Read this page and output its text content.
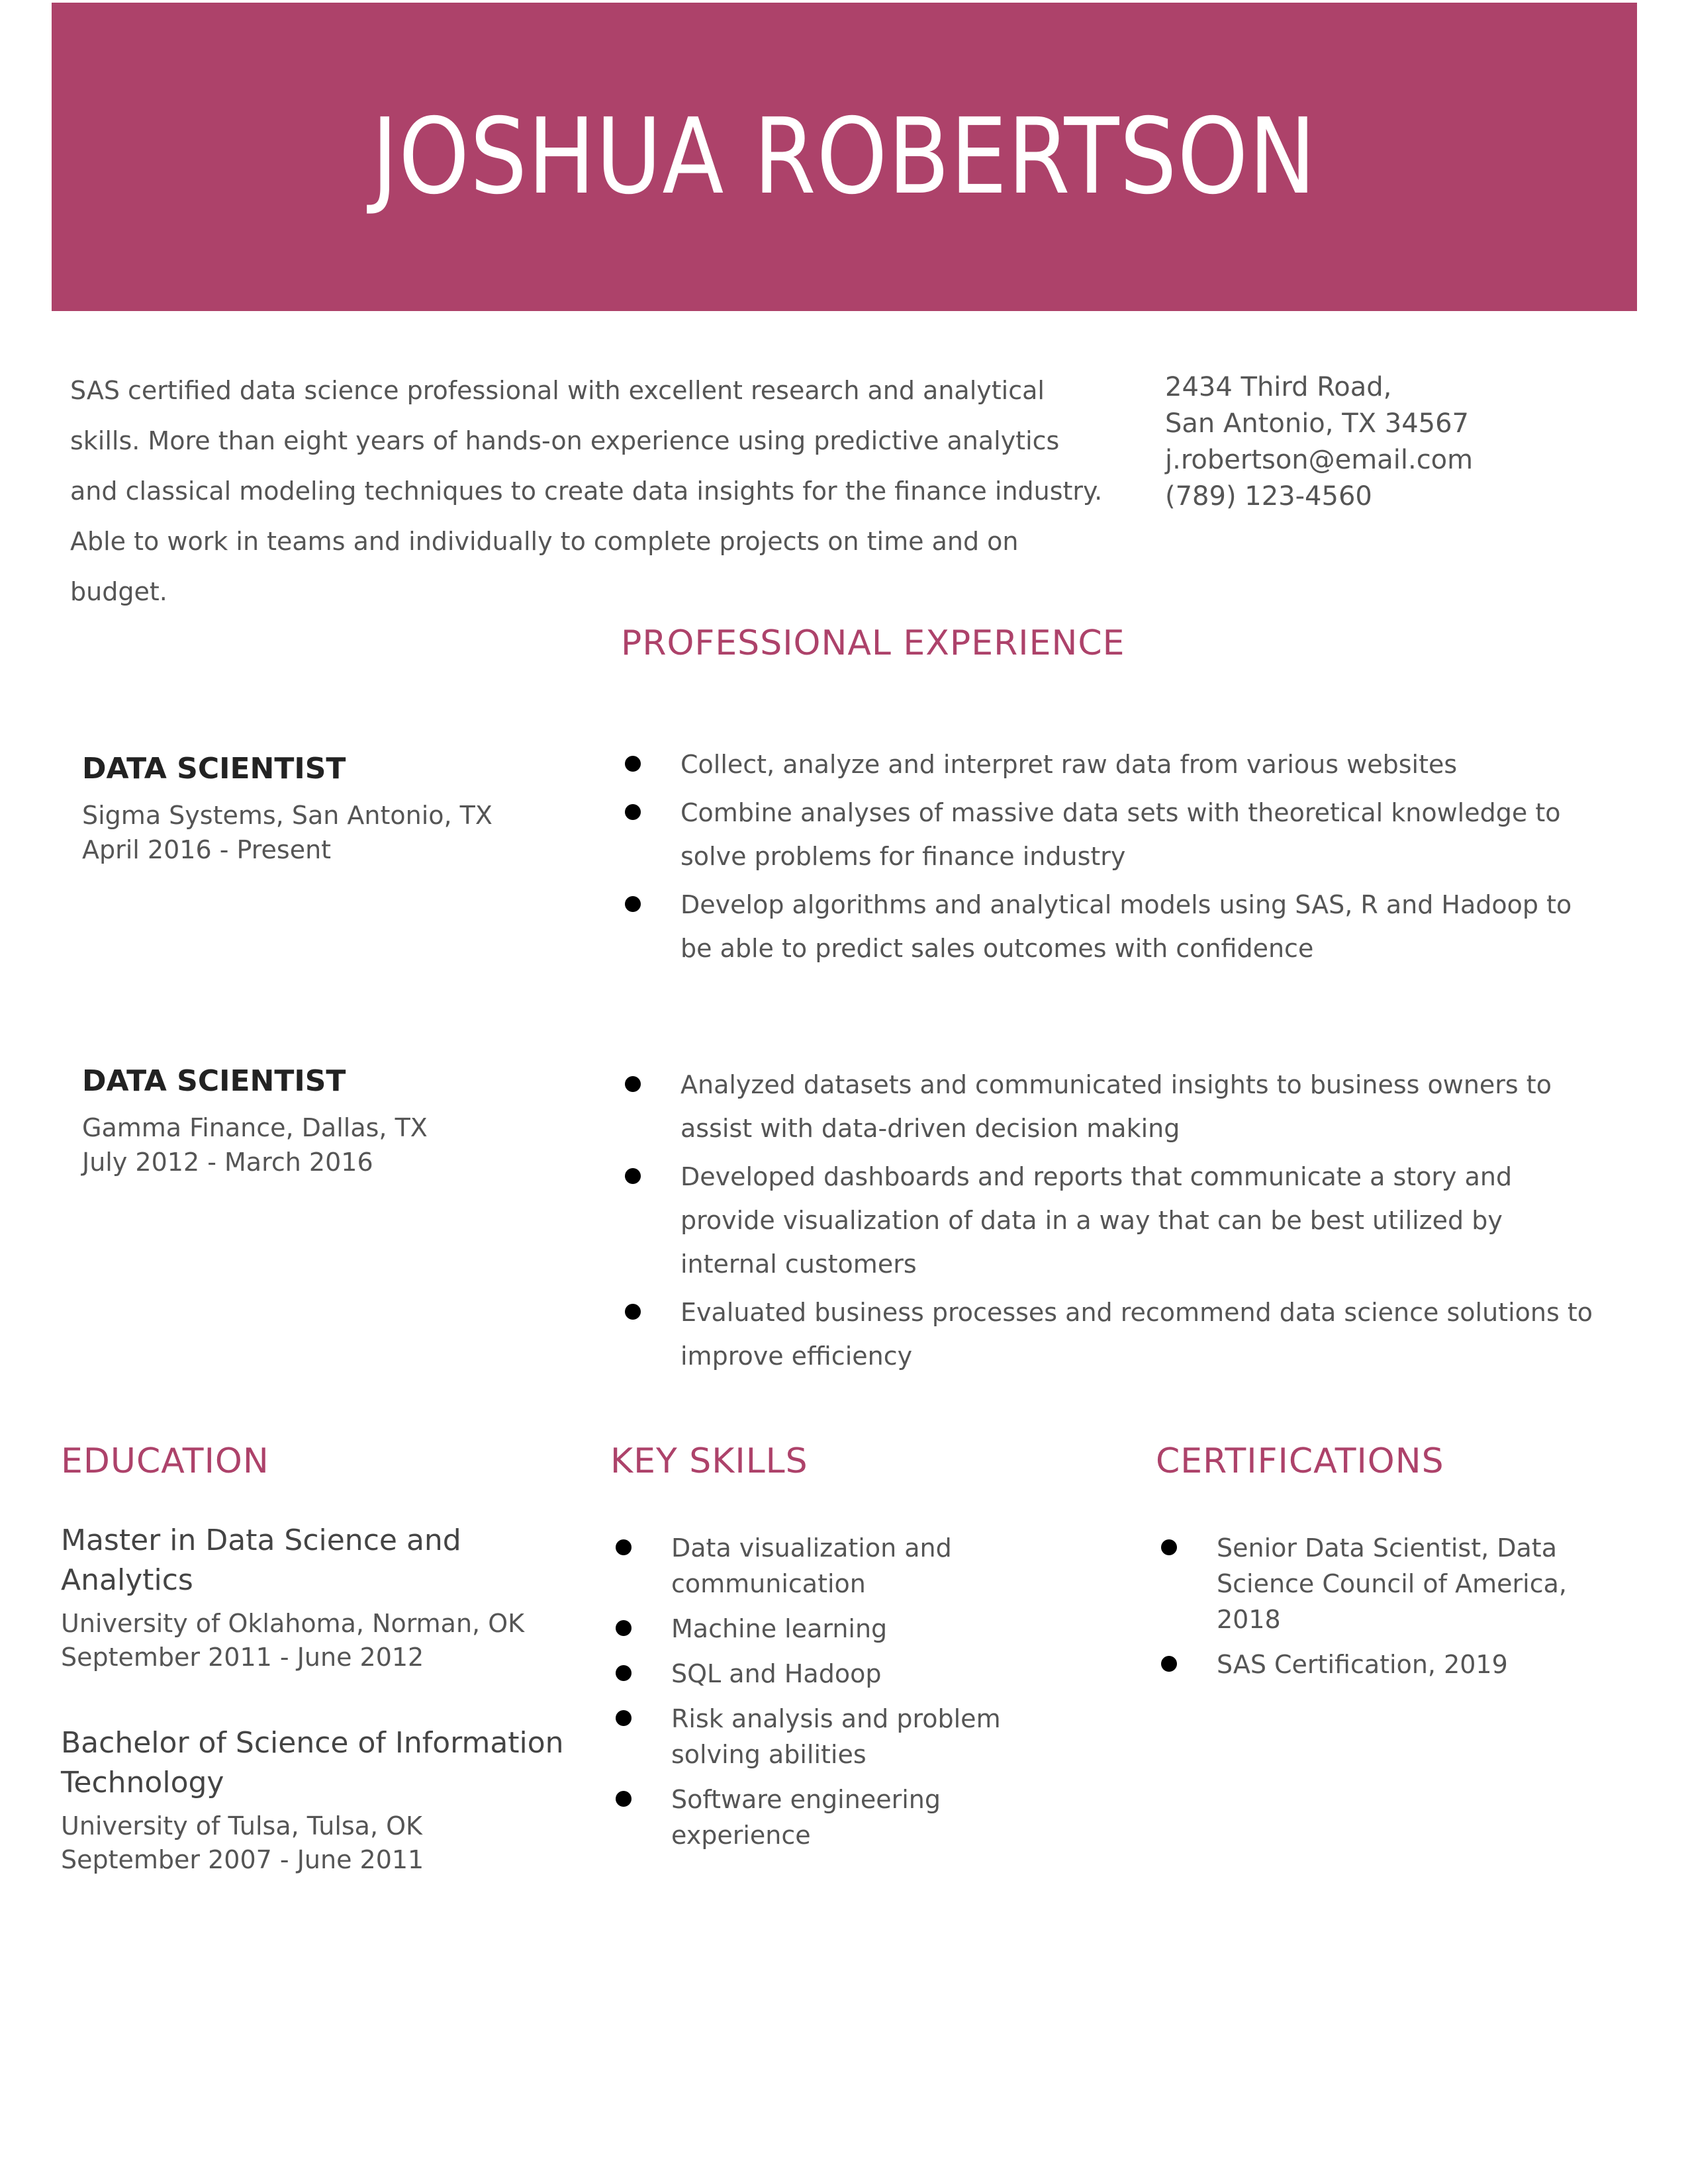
JOSHUA ROBERTSON
SAS certified data science professional with excellent research and analytical skills. More than eight years of hands-on experience using predictive analytics and classical modeling techniques to create data insights for the finance industry. Able to work in teams and individually to complete projects on time and on budget.
2434 Third Road,
San Antonio, TX 34567
j.robertson@email.com
(789) 123-4560
PROFESSIONAL EXPERIENCE
DATA SCIENTIST
Sigma Systems, San Antonio, TX
April 2016 - Present
Collect, analyze and interpret raw data from various websites
Combine analyses of massive data sets with theoretical knowledge to solve problems for finance industry
Develop algorithms and analytical models using SAS, R and Hadoop to be able to predict sales outcomes with confidence
DATA SCIENTIST
Gamma Finance, Dallas, TX
July 2012 - March 2016
Analyzed datasets and communicated insights to business owners to assist with data-driven decision making
Developed dashboards and reports that communicate a story and provide visualization of data in a way that can be best utilized by internal customers
Evaluated business processes and recommend data science solutions to improve efficiency
EDUCATION
Master in Data Science and Analytics
University of Oklahoma, Norman, OK
September 2011 - June 2012
Bachelor of Science of Information Technology
University of Tulsa, Tulsa, OK
September 2007 - June 2011
KEY SKILLS
Data visualization and communication
Machine learning
SQL and Hadoop
Risk analysis and problem solving abilities
Software engineering experience
CERTIFICATIONS
Senior Data Scientist, Data Science Council of America, 2018
SAS Certification, 2019
